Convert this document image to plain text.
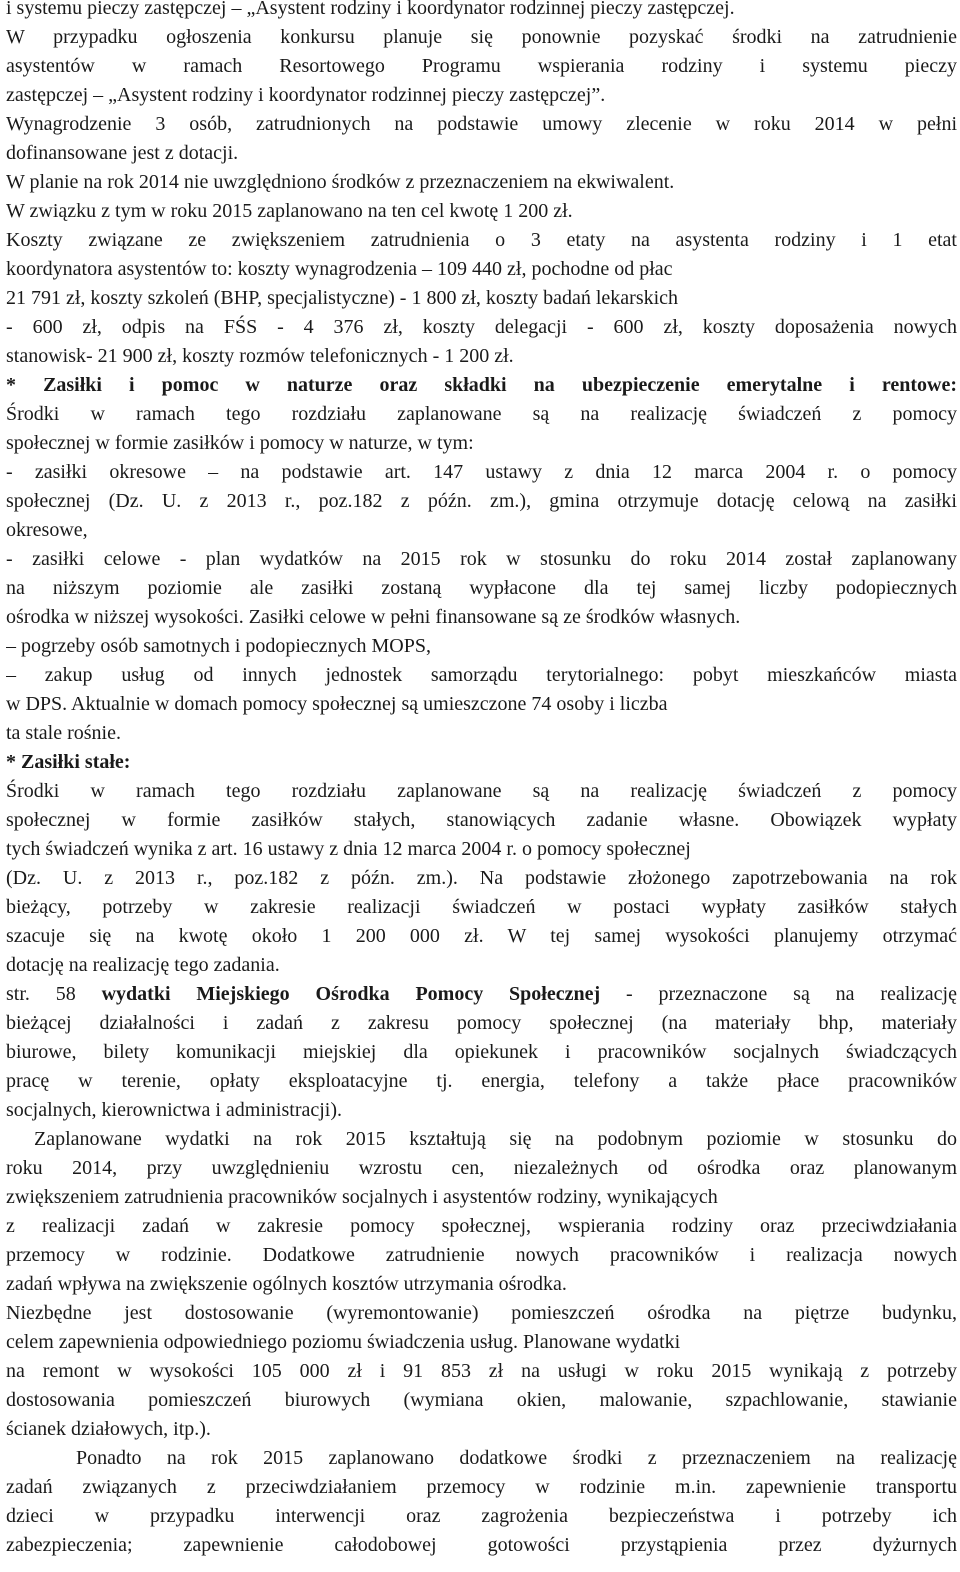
i systemu pieczy zastępczej – „Asystent rodziny i koordynator rodzinnej pieczy zastępczej.
W przypadku ogłoszenia konkursu planuje się ponownie pozyskać środki na zatrudnienie
asystentów w ramach Resortowego Programu wspierania rodziny i systemu pieczy
zastępczej – „Asystent rodziny i koordynator rodzinnej pieczy zastępczej”.
Wynagrodzenie 3 osób, zatrudnionych na podstawie umowy zlecenie w roku 2014 w pełni
dofinansowane jest z dotacji.
W planie na rok 2014 nie uwzględniono środków z przeznaczeniem na ekwiwalent.
W związku z tym w roku 2015 zaplanowano na ten cel kwotę 1 200 zł.
Koszty związane ze zwiększeniem zatrudnienia o 3 etaty na asystenta rodziny i 1 etat
koordynatora asystentów to: koszty wynagrodzenia – 109 440 zł, pochodne od płac
21 791 zł, koszty szkoleń (BHP, specjalistyczne) - 1 800 zł, koszty badań lekarskich
- 600 zł, odpis na FŚS - 4 376 zł, koszty delegacji - 600 zł, koszty doposażenia nowych
stanowisk- 21 900 zł, koszty rozmów telefonicznych - 1 200 zł.
* Zasiłki i pomoc w naturze oraz składki na ubezpieczenie emerytalne i rentowe:
Środki w ramach tego rozdziału zaplanowane są na realizację świadczeń z pomocy
społecznej w formie zasiłków i pomocy w naturze, w tym:
- zasiłki okresowe – na podstawie art. 147 ustawy z dnia 12 marca 2004 r. o pomocy
społecznej (Dz. U. z 2013 r., poz.182 z późn. zm.), gmina otrzymuje dotację celową na zasiłki
okresowe,
- zasiłki celowe - plan wydatków na 2015 rok w stosunku do roku 2014 został zaplanowany
na niższym poziomie ale zasiłki zostaną wypłacone dla tej samej liczby podopiecznych
ośrodka w niższej wysokości. Zasiłki celowe w pełni finansowane są ze środków własnych.
– pogrzeby osób samotnych i podopiecznych MOPS,
– zakup usług od innych jednostek samorządu terytorialnego: pobyt mieszkańców miasta
w DPS. Aktualnie w domach pomocy społecznej są umieszczone 74 osoby i liczba
ta stale rośnie.
* Zasiłki stałe:
Środki w ramach tego rozdziału zaplanowane są na realizację świadczeń z pomocy
społecznej w formie zasiłków stałych, stanowiących zadanie własne. Obowiązek wypłaty
tych świadczeń wynika z art. 16 ustawy z dnia 12 marca 2004 r. o pomocy społecznej
(Dz. U. z 2013 r., poz.182 z późn. zm.). Na podstawie złożonego zapotrzebowania na rok
bieżący, potrzeby w zakresie realizacji świadczeń w postaci wypłaty zasiłków stałych
szacuje się na kwotę około 1 200 000 zł. W tej samej wysokości planujemy otrzymać
dotację na realizację tego zadania.
str. 58 wydatki Miejskiego Ośrodka Pomocy Społecznej - przeznaczone są na realizację
bieżącej działalności i zadań z zakresu pomocy społecznej (na materiały bhp, materiały
biurowe, bilety komunikacji miejskiej dla opiekunek i pracowników socjalnych świadczących
pracę w terenie, opłaty eksploatacyjne tj. energia, telefony a także płace pracowników
socjalnych, kierownictwa i administracji).
Zaplanowane wydatki na rok 2015 kształtują się na podobnym poziomie w stosunku do
roku 2014, przy uwzględnieniu wzrostu cen, niezależnych od ośrodka oraz planowanym
zwiększeniem zatrudnienia pracowników socjalnych i asystentów rodziny, wynikających
z realizacji zadań w zakresie pomocy społecznej, wspierania rodziny oraz przeciwdziałania
przemocy w rodzinie. Dodatkowe zatrudnienie nowych pracowników i realizacja nowych
zadań wpływa na zwiększenie ogólnych kosztów utrzymania ośrodka.
Niezbędne jest dostosowanie (wyremontowanie) pomieszczeń ośrodka na piętrze budynku,
celem zapewnienia odpowiedniego poziomu świadczenia usług. Planowane wydatki
na remont w wysokości 105 000 zł i 91 853 zł na usługi w roku 2015 wynikają z potrzeby
dostosowania pomieszczeń biurowych (wymiana okien, malowanie, szpachlowanie, stawianie
ścianek działowych, itp.).
Ponadto na rok 2015 zaplanowano dodatkowe środki z przeznaczeniem na realizację
zadań związanych z przeciwdziałaniem przemocy w rodzinie m.in. zapewnienie transportu
dzieci w przypadku interwencji oraz zagrożenia bezpieczeństwa i potrzeby ich
zabezpieczenia; zapewnienie całodobowej gotowości przystąpienia przez dyżurnych
